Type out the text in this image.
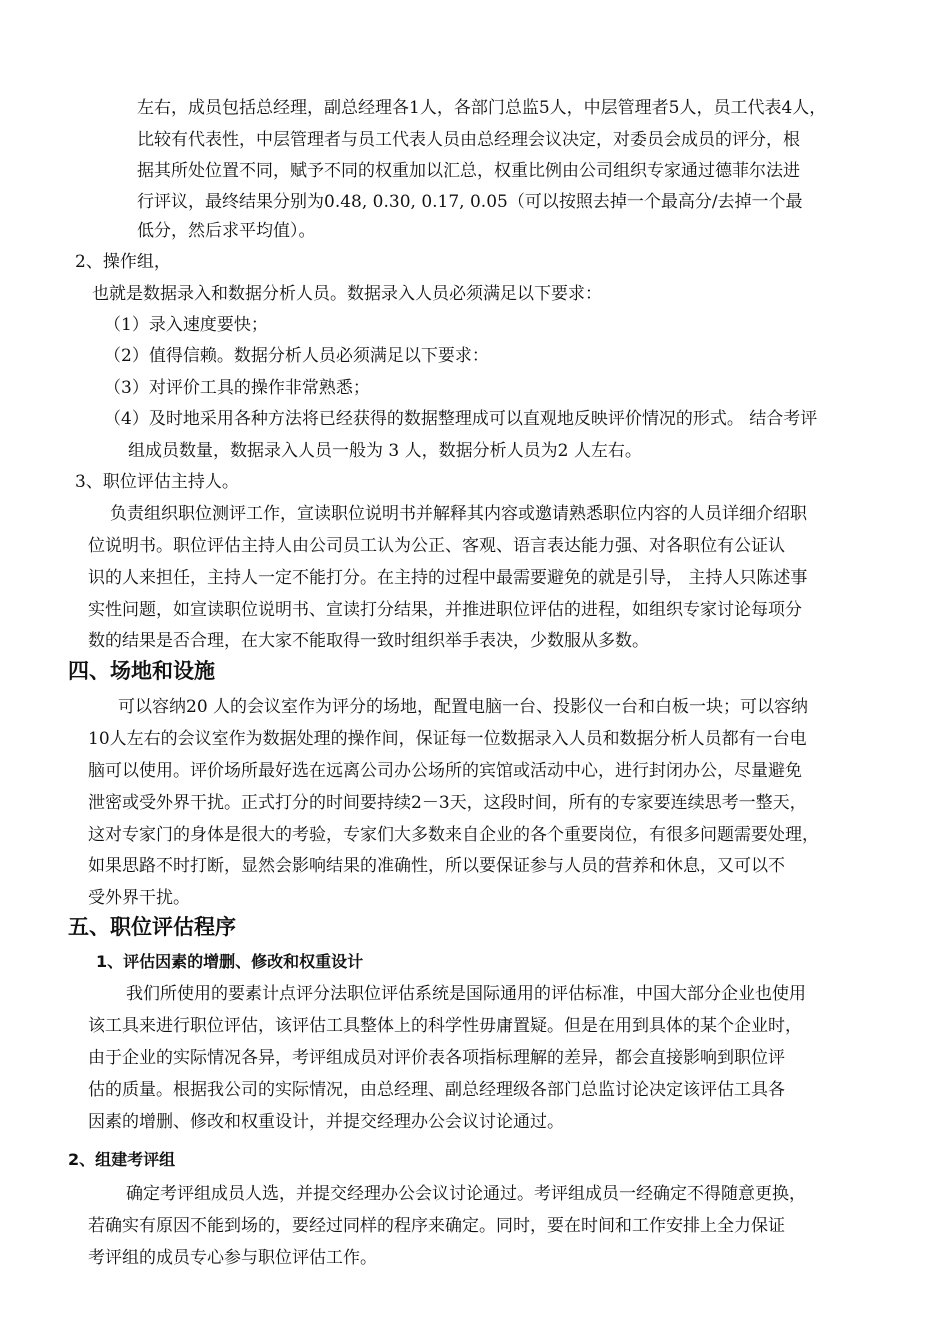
左右，成员包括总经理，副总经理各1人，各部门总监5人，中层管理者5人，员工代表4人，
比较有代表性，中层管理者与员工代表人员由总经理会议决定，对委员会成员的评分，根
据其所处位置不同，赋予不同的权重加以汇总，权重比例由公司组织专家通过德菲尔法进
行评议，最终结果分别为0.48, 0.30, 0.17, 0.05（可以按照去掉一个最高分/去掉一个最
低分，然后求平均值）。
2、操作组，
也就是数据录入和数据分析人员。数据录入人员必须满足以下要求：
（1）录入速度要快；
（2）值得信赖。数据分析人员必须满足以下要求：
（3）对评价工具的操作非常熟悉；
（4）及时地采用各种方法将已经获得的数据整理成可以直观地反映评价情况的形式。 结合考评
组成员数量，数据录入人员一般为 3 人，数据分析人员为2 人左右。
3、职位评估主持人。
负责组织职位测评工作，宣读职位说明书并解释其内容或邀请熟悉职位内容的人员详细介绍职
位说明书。职位评估主持人由公司员工认为公正、客观、语言表达能力强、对各职位有公证认
识的人来担任，主持人一定不能打分。在主持的过程中最需要避免的就是引导， 主持人只陈述事
实性问题，如宣读职位说明书、宣读打分结果，并推进职位评估的进程，如组织专家讨论每项分
数的结果是否合理，在大家不能取得一致时组织举手表决，少数服从多数。
四、场地和设施
可以容纳20 人的会议室作为评分的场地，配置电脑一台、投影仪一台和白板一块；可以容纳
10人左右的会议室作为数据处理的操作间，保证每一位数据录入人员和数据分析人员都有一台电
脑可以使用。评价场所最好选在远离公司办公场所的宾馆或活动中心，进行封闭办公，尽量避免
泄密或受外界干扰。正式打分的时间要持续2－3天，这段时间，所有的专家要连续思考一整天，
这对专家门的身体是很大的考验，专家们大多数来自企业的各个重要岗位，有很多问题需要处理，
如果思路不时打断，显然会影响结果的准确性，所以要保证参与人员的营养和休息，又可以不
受外界干扰。
五、职位评估程序
1、评估因素的增删、修改和权重设计
我们所使用的要素计点评分法职位评估系统是国际通用的评估标准，中国大部分企业也使用
该工具来进行职位评估，该评估工具整体上的科学性毋庸置疑。但是在用到具体的某个企业时，
由于企业的实际情况各异，考评组成员对评价表各项指标理解的差异，都会直接影响到职位评
估的质量。根据我公司的实际情况，由总经理、副总经理级各部门总监讨论决定该评估工具各
因素的增删、修改和权重设计，并提交经理办公会议讨论通过。
2、组建考评组
确定考评组成员人选，并提交经理办公会议讨论通过。考评组成员一经确定不得随意更换，
若确实有原因不能到场的，要经过同样的程序来确定。同时，要在时间和工作安排上全力保证
考评组的成员专心参与职位评估工作。
